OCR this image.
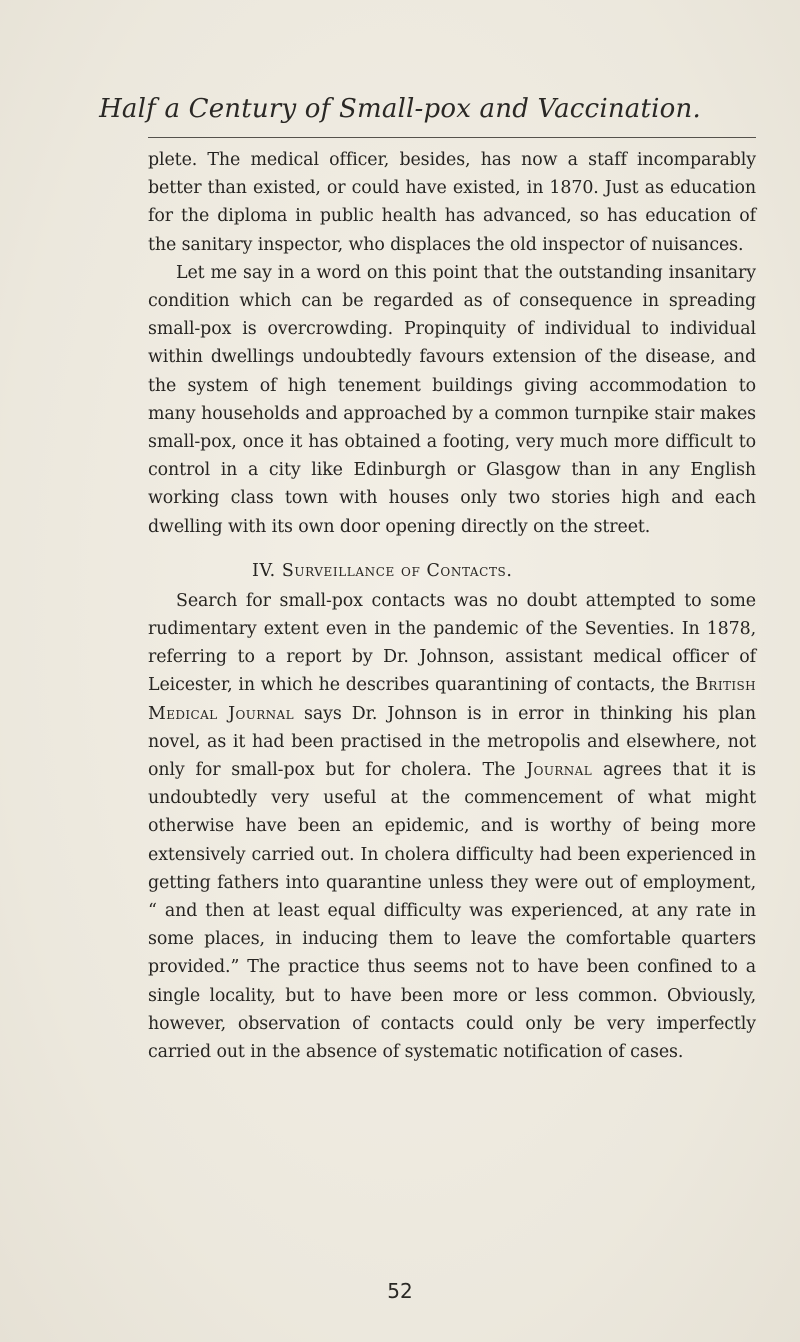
Half a Century of Small-pox and Vaccination.

plete. The medical officer, besides, has now a staff incomparably better than existed, or could have existed, in 1870. Just as education for the diploma in public health has advanced, so has education of the sanitary inspector, who displaces the old inspector of nuisances.

Let me say in a word on this point that the outstanding insanitary condition which can be regarded as of consequence in spreading small-pox is overcrowding. Propinquity of individual to individual within dwellings undoubtedly favours extension of the disease, and the system of high tenement buildings giving accommodation to many households and approached by a common turnpike stair makes small-pox, once it has obtained a footing, very much more difficult to control in a city like Edinburgh or Glasgow than in any English working class town with houses only two stories high and each dwelling with its own door opening directly on the street.

IV. Surveillance of Contacts.

Search for small-pox contacts was no doubt attempted to some rudimentary extent even in the pandemic of the Seventies. In 1878, referring to a report by Dr. Johnson, assistant medical officer of Leicester, in which he describes quarantining of contacts, the British Medical Journal says Dr. Johnson is in error in thinking his plan novel, as it had been practised in the metropolis and elsewhere, not only for small-pox but for cholera. The Journal agrees that it is undoubtedly very useful at the commencement of what might otherwise have been an epidemic, and is worthy of being more extensively carried out. In cholera difficulty had been experienced in getting fathers into quarantine unless they were out of employment, “ and then at least equal difficulty was experienced, at any rate in some places, in inducing them to leave the comfortable quarters provided.” The practice thus seems not to have been confined to a single locality, but to have been more or less common. Obviously, however, observation of contacts could only be very imperfectly carried out in the absence of systematic notification of cases.

52
